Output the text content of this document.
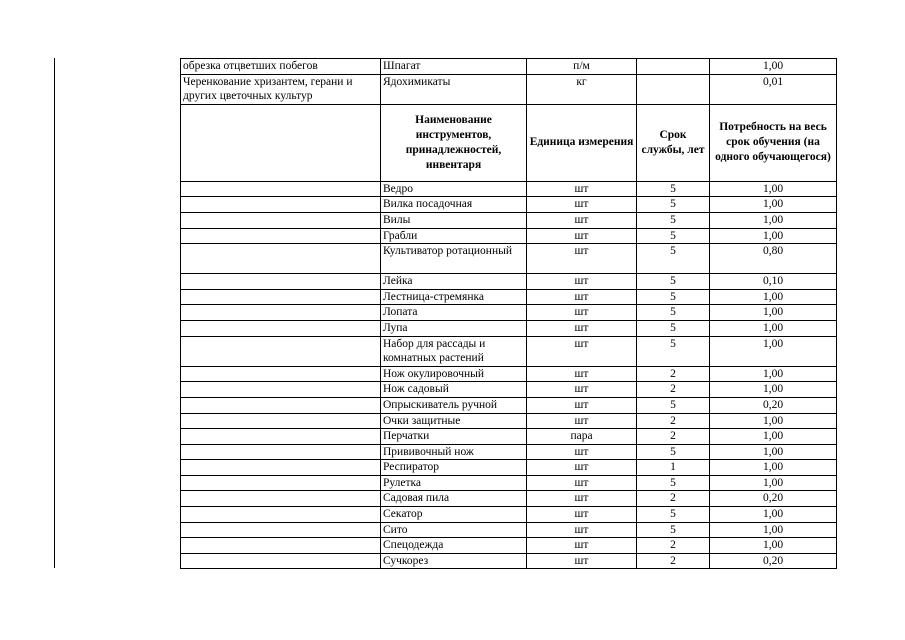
обрезка отцветших побегов	Шпагат	п/м		1,00
Черенкование хризантем, герани и других цветочных культур	Ядохимикаты	кг		0,01
	Наименование инструментов, принадлежностей, инвентаря	Единица измерения	Срок службы, лет	Потребность на весь срок обучения (на одного обучающегося)
	Ведро	шт	5	1,00
	Вилка посадочная	шт	5	1,00
	Вилы	шт	5	1,00
	Грабли	шт	5	1,00
	Культиватор ротационный	шт	5	0,80
	Лейка	шт	5	0,10
	Лестница-стремянка	шт	5	1,00
	Лопата	шт	5	1,00
	Лупа	шт	5	1,00
	Набор для рассады и комнатных растений	шт	5	1,00
	Нож окулировочный	шт	2	1,00
	Нож садовый	шт	2	1,00
	Опрыскиватель ручной	шт	5	0,20
	Очки защитные	шт	2	1,00
	Перчатки	пара	2	1,00
	Прививочный нож	шт	5	1,00
	Респиратор	шт	1	1,00
	Рулетка	шт	5	1,00
	Садовая пила	шт	2	0,20
	Секатор	шт	5	1,00
	Сито	шт	5	1,00
	Спецодежда	шт	2	1,00
	Сучкорез	шт	2	0,20
